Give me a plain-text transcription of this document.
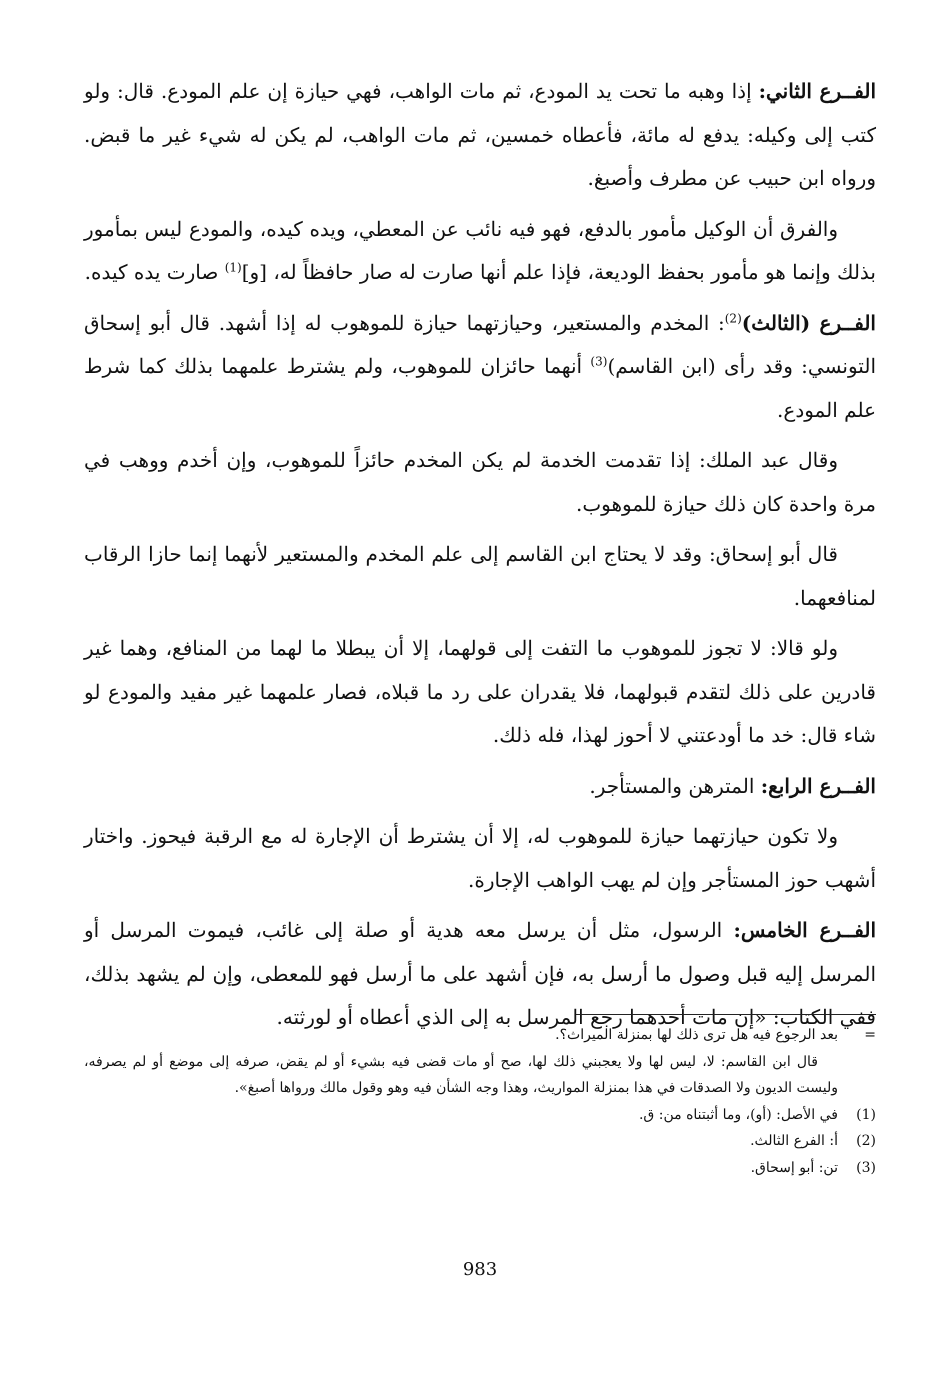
الفــرع الثاني: إذا وهبه ما تحت يد المودع، ثم مات الواهب، فهي حيازة إن علم المودع. قال: ولو كتب إلى وكيله: يدفع له مائة، فأعطاه خمسين، ثم مات الواهب، لم يكن له شيء غير ما قبض. ورواه ابن حبيب عن مطرف وأصبغ.

والفرق أن الوكيل مأمور بالدفع، فهو فيه نائب عن المعطي، ويده كيده، والمودع ليس بمأمور بذلك وإنما هو مأمور بحفظ الوديعة، فإذا علم أنها صارت له صار حافظاً له، [و]$^{(1)}$ صارت يده كيده.

الفــرع (الثالث)$^{(2)}$: المخدم والمستعير، وحيازتهما حيازة للموهوب له إذا أشهد. قال أبو إسحاق التونسي: وقد رأى (ابن القاسم)$^{(3)}$ أنهما حائزان للموهوب، ولم يشترط علمهما بذلك كما شرط علم المودع.

وقال عبد الملك: إذا تقدمت الخدمة لم يكن المخدم حائزاً للموهوب، وإن أخدم ووهب في مرة واحدة كان ذلك حيازة للموهوب.

قال أبو إسحاق: وقد لا يحتاج ابن القاسم إلى علم المخدم والمستعير لأنهما إنما حازا الرقاب لمنافعهما.

ولو قالا: لا تجوز للموهوب ما التفت إلى قولهما، إلا أن يبطلا ما لهما من المنافع، وهما غير قادرين على ذلك لتقدم قبولهما، فلا يقدران على رد ما قبلاه، فصار علمهما غير مفيد والمودع لو شاء قال: خد ما أودعتني لا أحوز لهذا، فله ذلك.

الفــرع الرابع: المترهن والمستأجر.

ولا تكون حيازتهما حيازة للموهوب له، إلا أن يشترط أن الإجارة له مع الرقبة فيحوز. واختار أشهب حوز المستأجر وإن لم يهب الواهب الإجارة.

الفــرع الخامس: الرسول، مثل أن يرسل معه هدية أو صلة إلى غائب، فيموت المرسل أو المرسل إليه قبل وصول ما أرسل به، فإن أشهد على ما أرسل فهو للمعطى، وإن لم يشهد بذلك، ففي الكتاب: «إن مات أحدهما رجع المرسل به إلى الذي أعطاه أو لورثته.

=

بعد الرجوع فيه هل ترى ذلك لها بمنزلة الميراث؟.

قال ابن القاسم: لا، ليس لها ولا يعجبني ذلك لها، صح أو مات قضى فيه بشيء أو لم يقض، صرفه إلى موضع أو لم يصرفه، وليست الديون ولا الصدقات في هذا بمنزلة المواريث، وهذا وجه الشأن فيه وهو وقول مالك ورواها أصبغ».

(1)
في الأصل: (أو)، وما أثبتناه من: ق.
(2)
أ: الفرع الثالث.
(3)
تن: أبو إسحاق.
983
